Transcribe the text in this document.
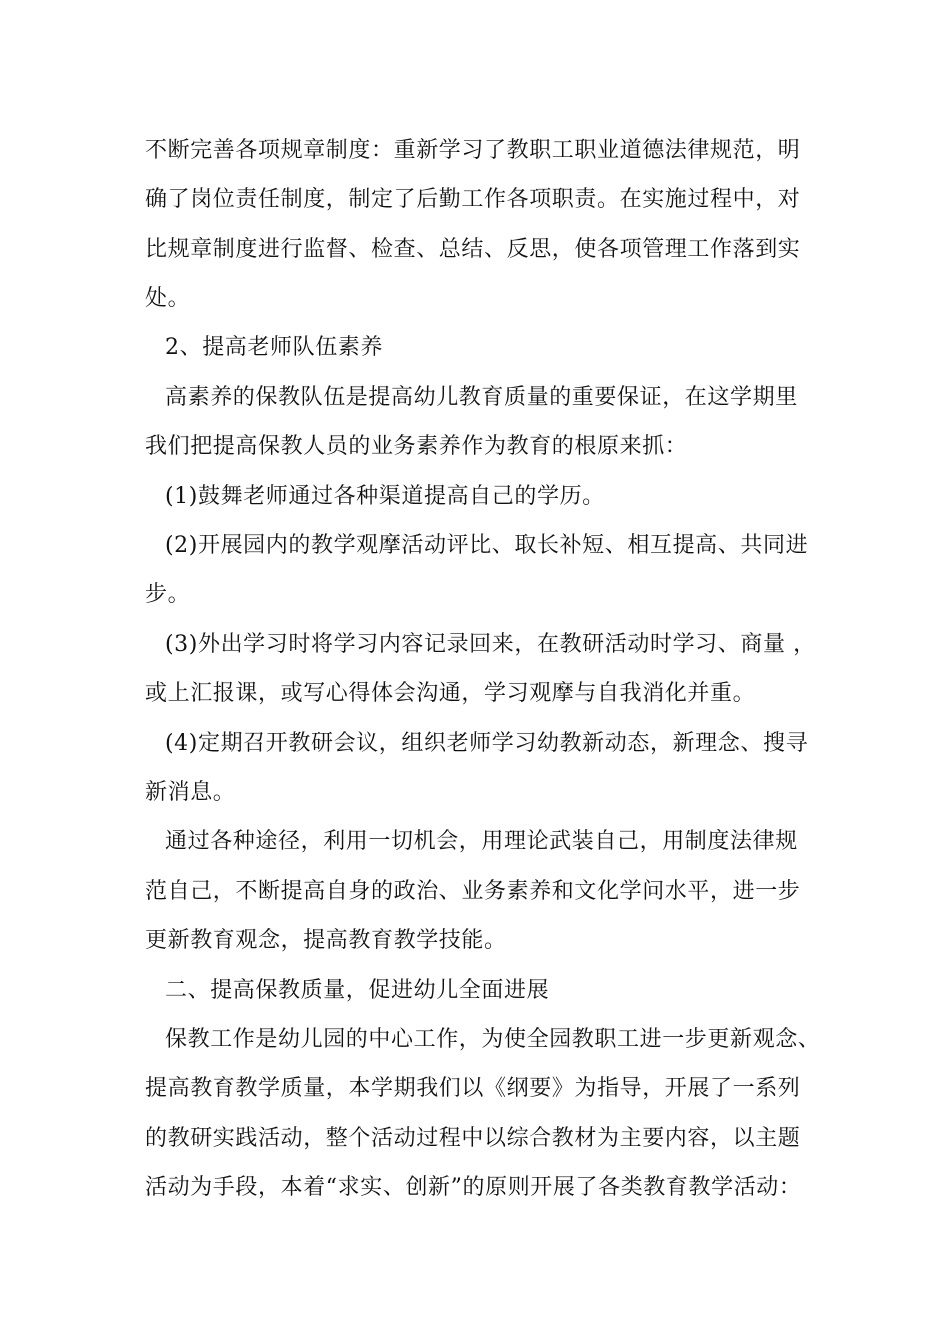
不断完善各项规章制度：重新学习了教职工职业道德法律规范，明
确了岗位责任制度，制定了后勤工作各项职责。在实施过程中，对
比规章制度进行监督、检查、总结、反思，使各项管理工作落到实
处。
2、提高老师队伍素养
高素养的保教队伍是提高幼儿教育质量的重要保证，在这学期里
我们把提高保教人员的业务素养作为教育的根原来抓：
(1)鼓舞老师通过各种渠道提高自己的学历。
(2)开展园内的教学观摩活动评比、取长补短、相互提高、共同进
步。
(3)外出学习时将学习内容记录回来，在教研活动时学习、商量 ，
或上汇报课，或写心得体会沟通，学习观摩与自我消化并重。
(4)定期召开教研会议，组织老师学习幼教新动态，新理念、搜寻
新消息。
通过各种途径，利用一切机会，用理论武装自己，用制度法律规
范自己，不断提高自身的政治、业务素养和文化学问水平，进一步
更新教育观念，提高教育教学技能。
二、提高保教质量，促进幼儿全面进展
保教工作是幼儿园的中心工作，为使全园教职工进一步更新观念、
提高教育教学质量，本学期我们以《纲要》为指导，开展了一系列
的教研实践活动，整个活动过程中以综合教材为主要内容，以主题
活动为手段，本着“求实、创新”的原则开展了各类教育教学活动：
